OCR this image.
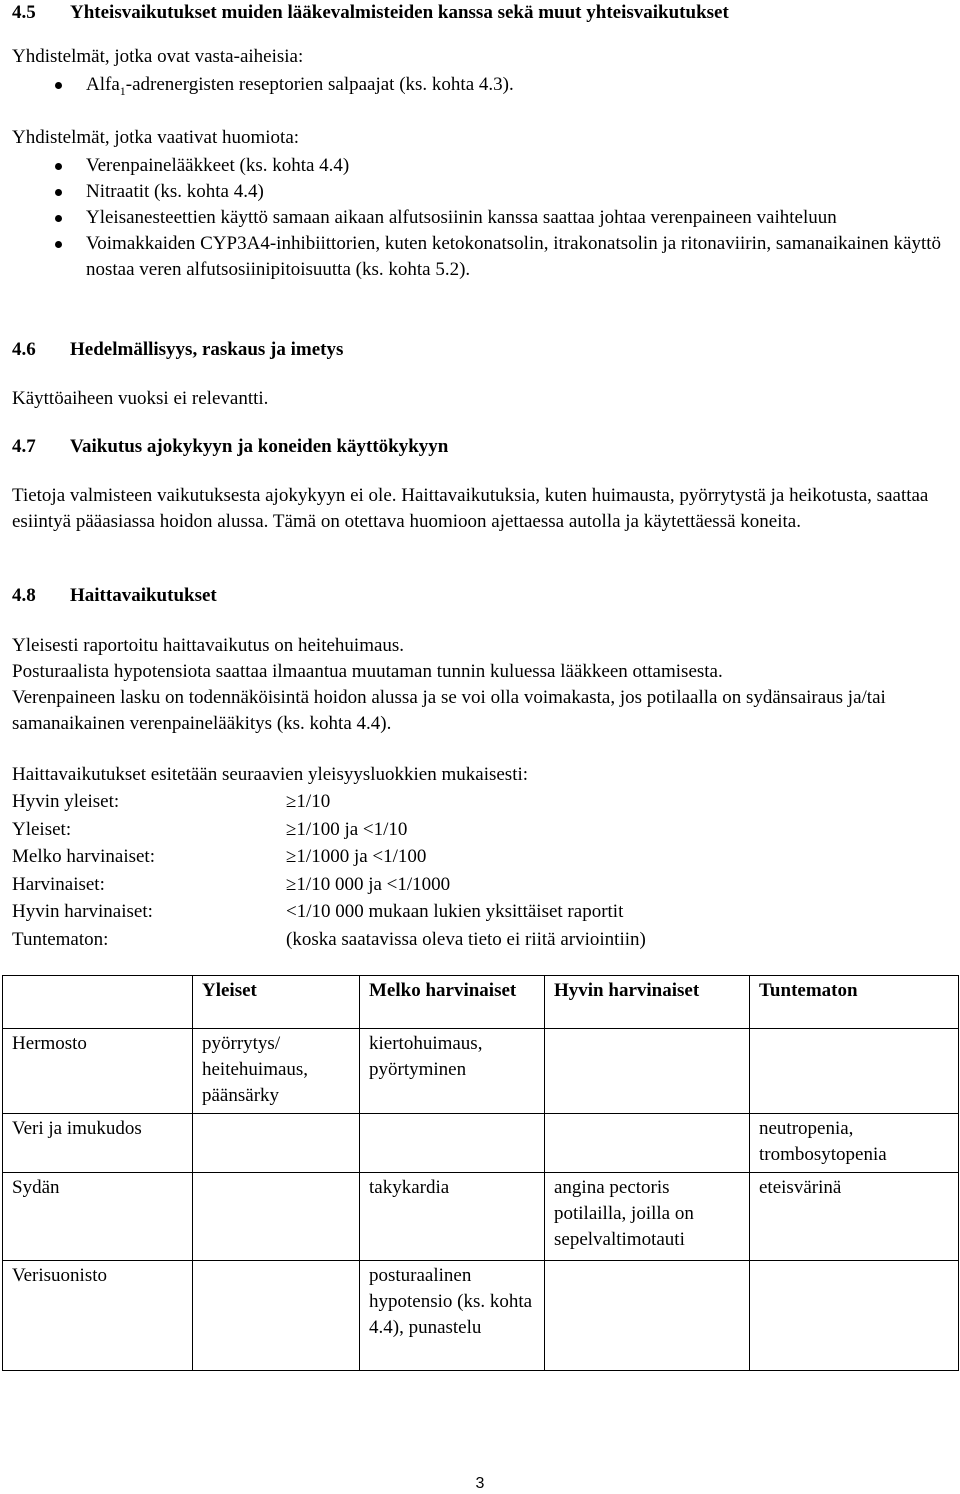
4.5 Yhteisvaikutukset muiden lääkevalmisteiden kanssa sekä muut yhteisvaikutukset

Yhdistelmät, jotka ovat vasta-aiheisia:

Alfa$_1$-adrenergisten reseptorien salpaajat (ks. kohta 4.3).

Yhdistelmät, jotka vaativat huomiota:

Verenpainelääkkeet (ks. kohta 4.4)
Nitraatit (ks. kohta 4.4)
Yleisanesteettien käyttö samaan aikaan alfutsosiinin kanssa saattaa johtaa verenpaineen vaihteluun
Voimakkaiden CYP3A4-inhibiittorien, kuten ketokonatsolin, itrakonatsolin ja ritonaviirin, samanaikainen käyttö nostaa veren alfutsosiinipitoisuutta (ks. kohta 5.2).
4.6 Hedelmällisyys, raskaus ja imetys

Käyttöaiheen vuoksi ei relevantti.

4.7 Vaikutus ajokykyyn ja koneiden käyttökykyyn

Tietoja valmisteen vaikutuksesta ajokykyyn ei ole. Haittavaikutuksia, kuten huimausta, pyörrytystä ja heikotusta, saattaa esiintyä pääasiassa hoidon alussa. Tämä on otettava huomioon ajettaessa autolla ja käytettäessä koneita.

4.8 Haittavaikutukset

Yleisesti raportoitu haittavaikutus on heitehuimaus.

Posturaalista hypotensiota saattaa ilmaantua muutaman tunnin kuluessa lääkkeen ottamisesta.

Verenpaineen lasku on todennäköisintä hoidon alussa ja se voi olla voimakasta, jos potilaalla on sydänsairaus ja/tai samanaikainen verenpainelääkitys (ks. kohta 4.4).

Haittavaikutukset esitetään seuraavien yleisyysluokkien mukaisesti:

Hyvin yleiset:	≥1/10
Yleiset:	≥1/100 ja <1/10
Melko harvinaiset:	≥1/1000 ja <1/100
Harvinaiset:	≥1/10 000 ja <1/1000
Hyvin harvinaiset:	<1/10 000 mukaan lukien yksittäiset raportit
Tuntematon:	(koska saatavissa oleva tieto ei riitä arviointiin)
	Yleiset	Melko harvinaiset	Hyvin harvinaiset	Tuntematon
Hermosto	pyörrytys/ heitehuimaus, päänsärky	kiertohuimaus, pyörtyminen		
Veri ja imukudos				neutropenia, trombosytopenia
Sydän		takykardia	angina pectoris potilailla, joilla on sepelvaltimotauti	eteisvärinä
Verisuonisto		posturaalinen hypotensio (ks. kohta 4.4), punastelu		
3
